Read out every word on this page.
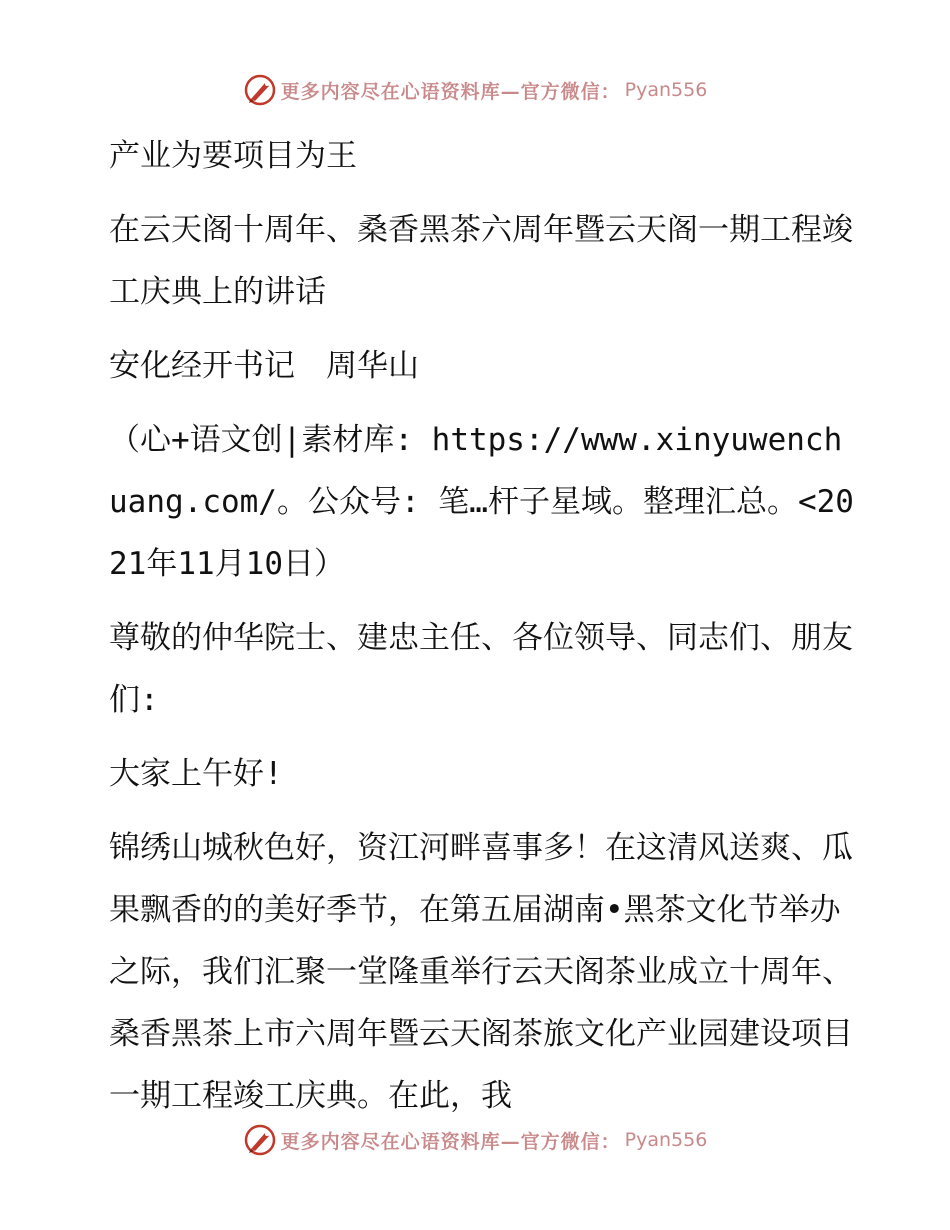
更多内容尽在心语资料库—官方微信： Pyan556

产业为要项目为王

在云天阁十周年、桑香黑茶六周年暨云天阁一期工程竣工庆典上的讲话

安化经开书记　周华山

（心+语文创|素材库: https://www.xinyuwenchuang.com/。公众号: 笔…杆子星域。整理汇总。<2021年11月10日）

尊敬的仲华院士、建忠主任、各位领导、同志们、朋友们:

大家上午好!

锦绣山城秋色好，资江河畔喜事多！在这清风送爽、瓜果飘香的的美好季节，在第五届湖南•黑茶文化节举办之际，我们汇聚一堂隆重举行云天阁茶业成立十周年、桑香黑茶上市六周年暨云天阁茶旅文化产业园建设项目一期工程竣工庆典。在此，我

更多内容尽在心语资料库—官方微信： Pyan556
